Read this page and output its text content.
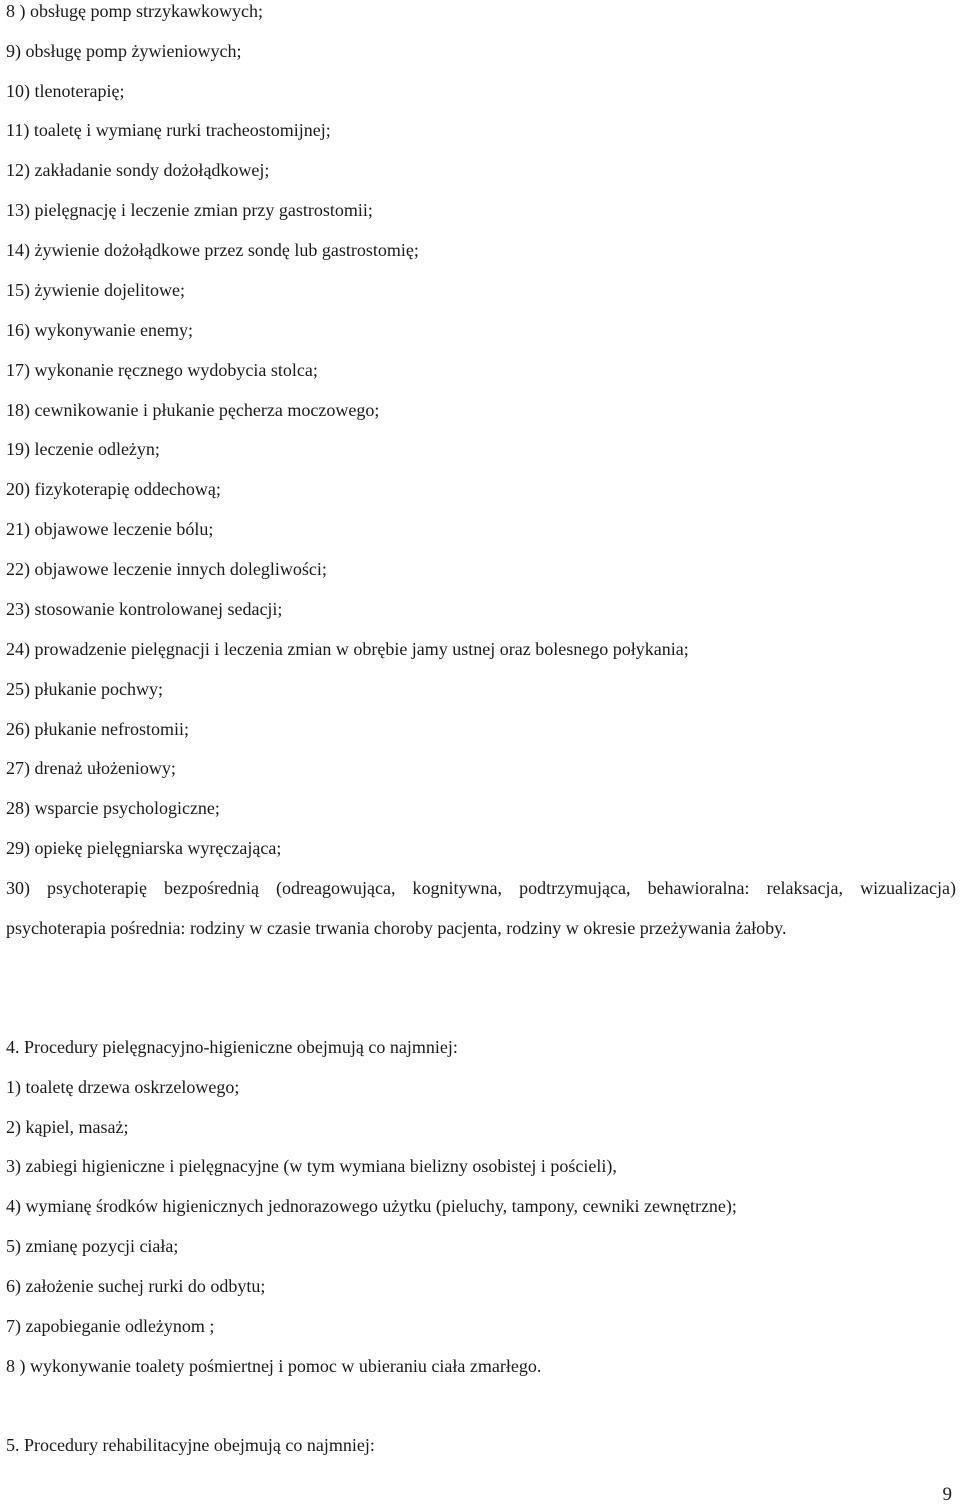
8 ) obsługę pomp strzykawkowych;
9) obsługę pomp żywieniowych;
10) tlenoterapię;
11) toaletę i wymianę rurki tracheostomijnej;
12) zakładanie sondy dożołądkowej;
13) pielęgnację i leczenie zmian przy gastrostomii;
14) żywienie dożołądkowe przez sondę lub gastrostomię;
15) żywienie dojelitowe;
16) wykonywanie enemy;
17) wykonanie ręcznego wydobycia stolca;
18) cewnikowanie i płukanie pęcherza moczowego;
19) leczenie odleżyn;
20) fizykoterapię oddechową;
21) objawowe leczenie bólu;
22) objawowe leczenie innych dolegliwości;
23) stosowanie kontrolowanej sedacji;
24) prowadzenie pielęgnacji i leczenia zmian w obrębie jamy ustnej oraz bolesnego połykania;
25) płukanie pochwy;
26) płukanie nefrostomii;
27) drenaż ułożeniowy;
28) wsparcie psychologiczne;
29) opiekę pielęgniarska wyręczająca;
30) psychoterapię bezpośrednią (odreagowująca, kognitywna, podtrzymująca, behawioralna: relaksacja, wizualizacja) psychoterapia pośrednia: rodziny w czasie trwania choroby pacjenta, rodziny w okresie przeżywania żałoby.
4. Procedury pielęgnacyjno-higieniczne obejmują co najmniej:
1) toaletę drzewa oskrzelowego;
2) kąpiel, masaż;
3) zabiegi higieniczne i pielęgnacyjne (w tym wymiana bielizny osobistej i pościeli),
4) wymianę środków higienicznych jednorazowego użytku (pieluchy, tampony, cewniki zewnętrzne);
5) zmianę pozycji ciała;
6) założenie suchej rurki do odbytu;
7) zapobieganie odleżynom ;
8 ) wykonywanie toalety pośmiertnej i pomoc w ubieraniu ciała zmarłego.
5. Procedury rehabilitacyjne obejmują co najmniej:
9
